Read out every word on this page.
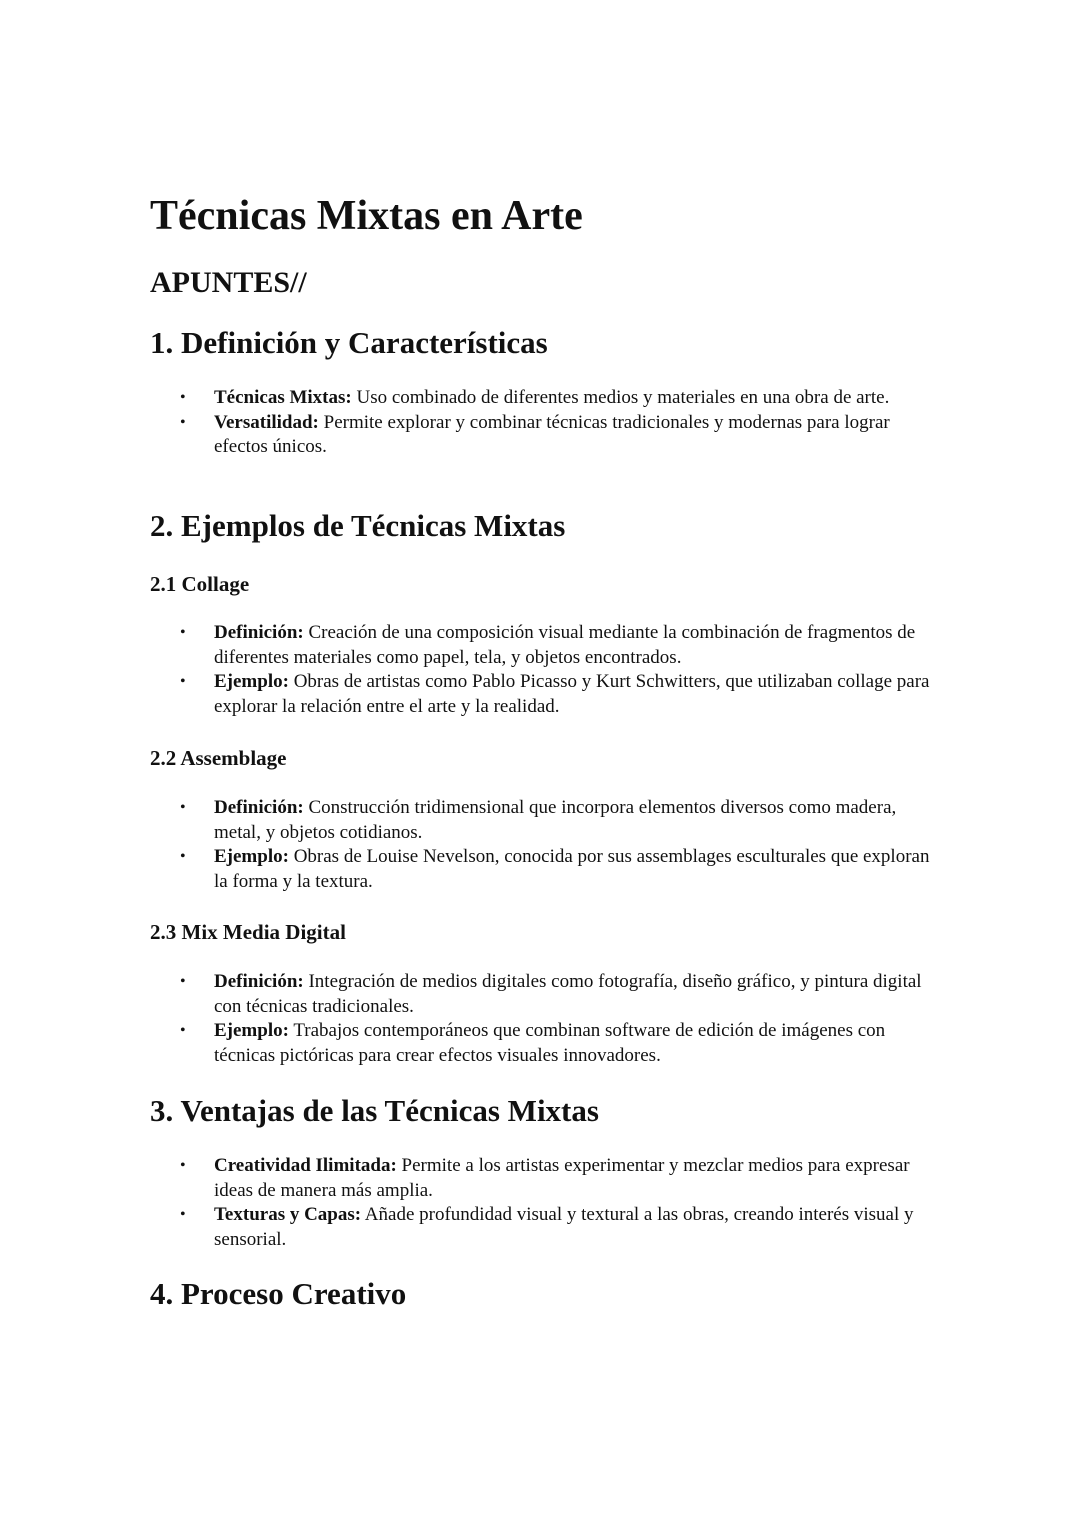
Técnicas Mixtas en Arte
APUNTES//
1. Definición y Características
• Técnicas Mixtas: Uso combinado de diferentes medios y materiales en una obra de arte.
• Versatilidad: Permite explorar y combinar técnicas tradicionales y modernas para lograr efectos únicos.
2. Ejemplos de Técnicas Mixtas
2.1 Collage
• Definición: Creación de una composición visual mediante la combinación de fragmentos de diferentes materiales como papel, tela, y objetos encontrados.
• Ejemplo: Obras de artistas como Pablo Picasso y Kurt Schwitters, que utilizaban collage para explorar la relación entre el arte y la realidad.
2.2 Assemblage
• Definición: Construcción tridimensional que incorpora elementos diversos como madera, metal, y objetos cotidianos.
• Ejemplo: Obras de Louise Nevelson, conocida por sus assemblages esculturales que exploran la forma y la textura.
2.3 Mix Media Digital
• Definición: Integración de medios digitales como fotografía, diseño gráfico, y pintura digital con técnicas tradicionales.
• Ejemplo: Trabajos contemporáneos que combinan software de edición de imágenes con técnicas pictóricas para crear efectos visuales innovadores.
3. Ventajas de las Técnicas Mixtas
• Creatividad Ilimitada: Permite a los artistas experimentar y mezclar medios para expresar ideas de manera más amplia.
• Texturas y Capas: Añade profundidad visual y textural a las obras, creando interés visual y sensorial.
4. Proceso Creativo
